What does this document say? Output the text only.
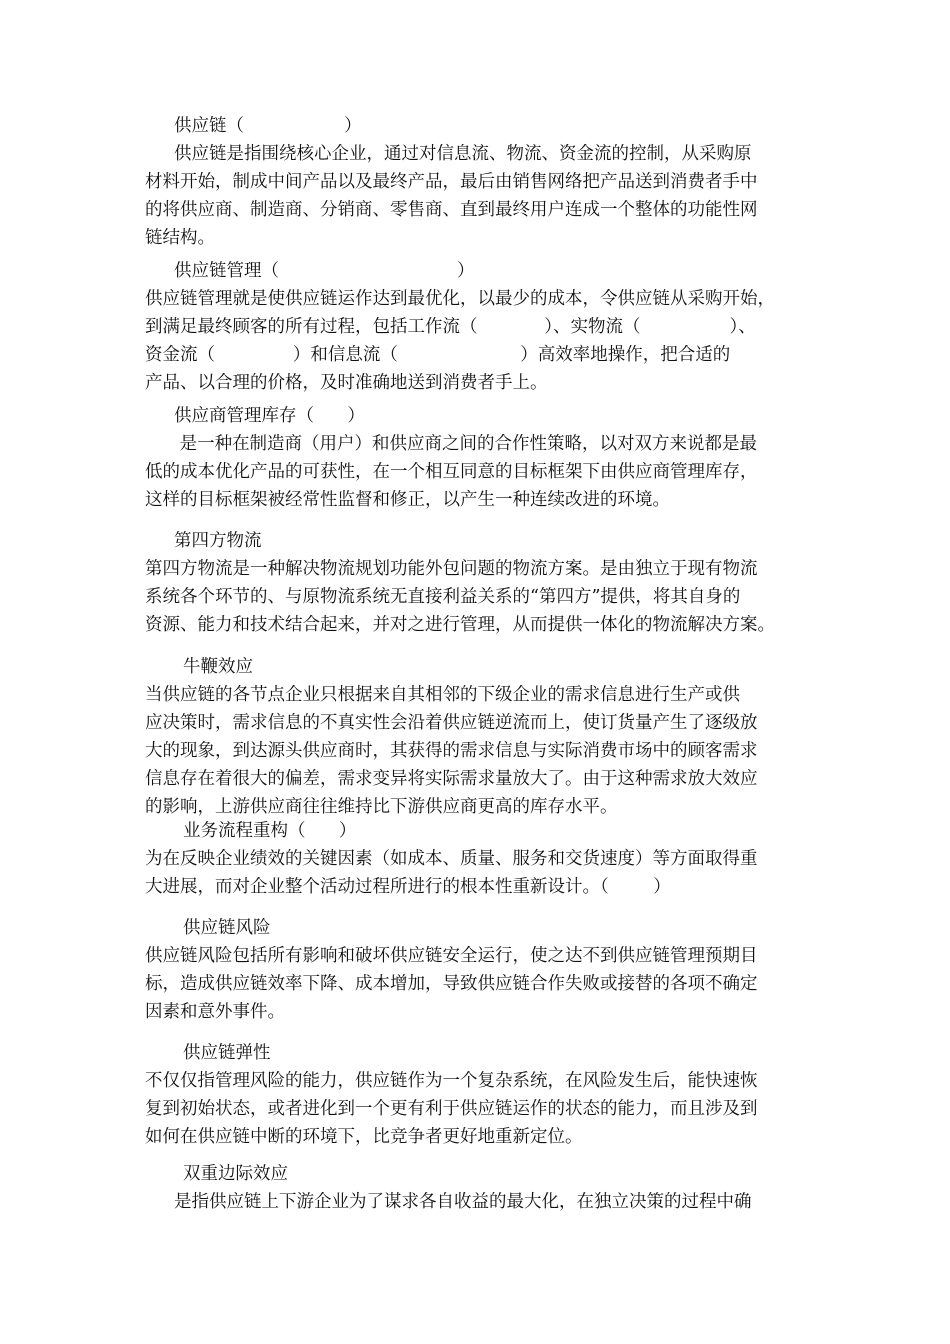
供应链（                  ）
供应链是指围绕核心企业，通过对信息流、物流、资金流的控制，从采购原
材料开始，制成中间产品以及最终产品，最后由销售网络把产品送到消费者手中
的将供应商、制造商、分销商、零售商、直到最终用户连成一个整体的功能性网
链结构。
供应链管理（                                ）
供应链管理就是使供应链运作达到最优化，以最少的成本，令供应链从采购开始，
到满足最终顾客的所有过程，包括工作流（            ）、实物流（                ）、
资金流（              ）和信息流（                      ）高效率地操作，把合适的
产品、以合理的价格，及时准确地送到消费者手上。
供应商管理库存（      ）
是一种在制造商（用户）和供应商之间的合作性策略，以对双方来说都是最
低的成本优化产品的可获性，在一个相互同意的目标框架下由供应商管理库存，
这样的目标框架被经常性监督和修正，以产生一种连续改进的环境。
第四方物流
第四方物流是一种解决物流规划功能外包问题的物流方案。是由独立于现有物流
系统各个环节的、与原物流系统无直接利益关系的“第四方”提供，将其自身的
资源、能力和技术结合起来，并对之进行管理，从而提供一体化的物流解决方案。
牛鞭效应
当供应链的各节点企业只根据来自其相邻的下级企业的需求信息进行生产或供
应决策时，需求信息的不真实性会沿着供应链逆流而上，使订货量产生了逐级放
大的现象，到达源头供应商时，其获得的需求信息与实际消费市场中的顾客需求
信息存在着很大的偏差，需求变异将实际需求量放大了。由于这种需求放大效应
的影响，上游供应商往往维持比下游供应商更高的库存水平。
业务流程重构（      ）
为在反映企业绩效的关键因素（如成本、质量、服务和交货速度）等方面取得重
大进展，而对企业整个活动过程所进行的根本性重新设计。（        ）
供应链风险
供应链风险包括所有影响和破坏供应链安全运行，使之达不到供应链管理预期目
标，造成供应链效率下降、成本增加，导致供应链合作失败或接替的各项不确定
因素和意外事件。
供应链弹性
不仅仅指管理风险的能力，供应链作为一个复杂系统，在风险发生后，能快速恢
复到初始状态，或者进化到一个更有利于供应链运作的状态的能力，而且涉及到
如何在供应链中断的环境下，比竞争者更好地重新定位。
双重边际效应
是指供应链上下游企业为了谋求各自收益的最大化，在独立决策的过程中确
